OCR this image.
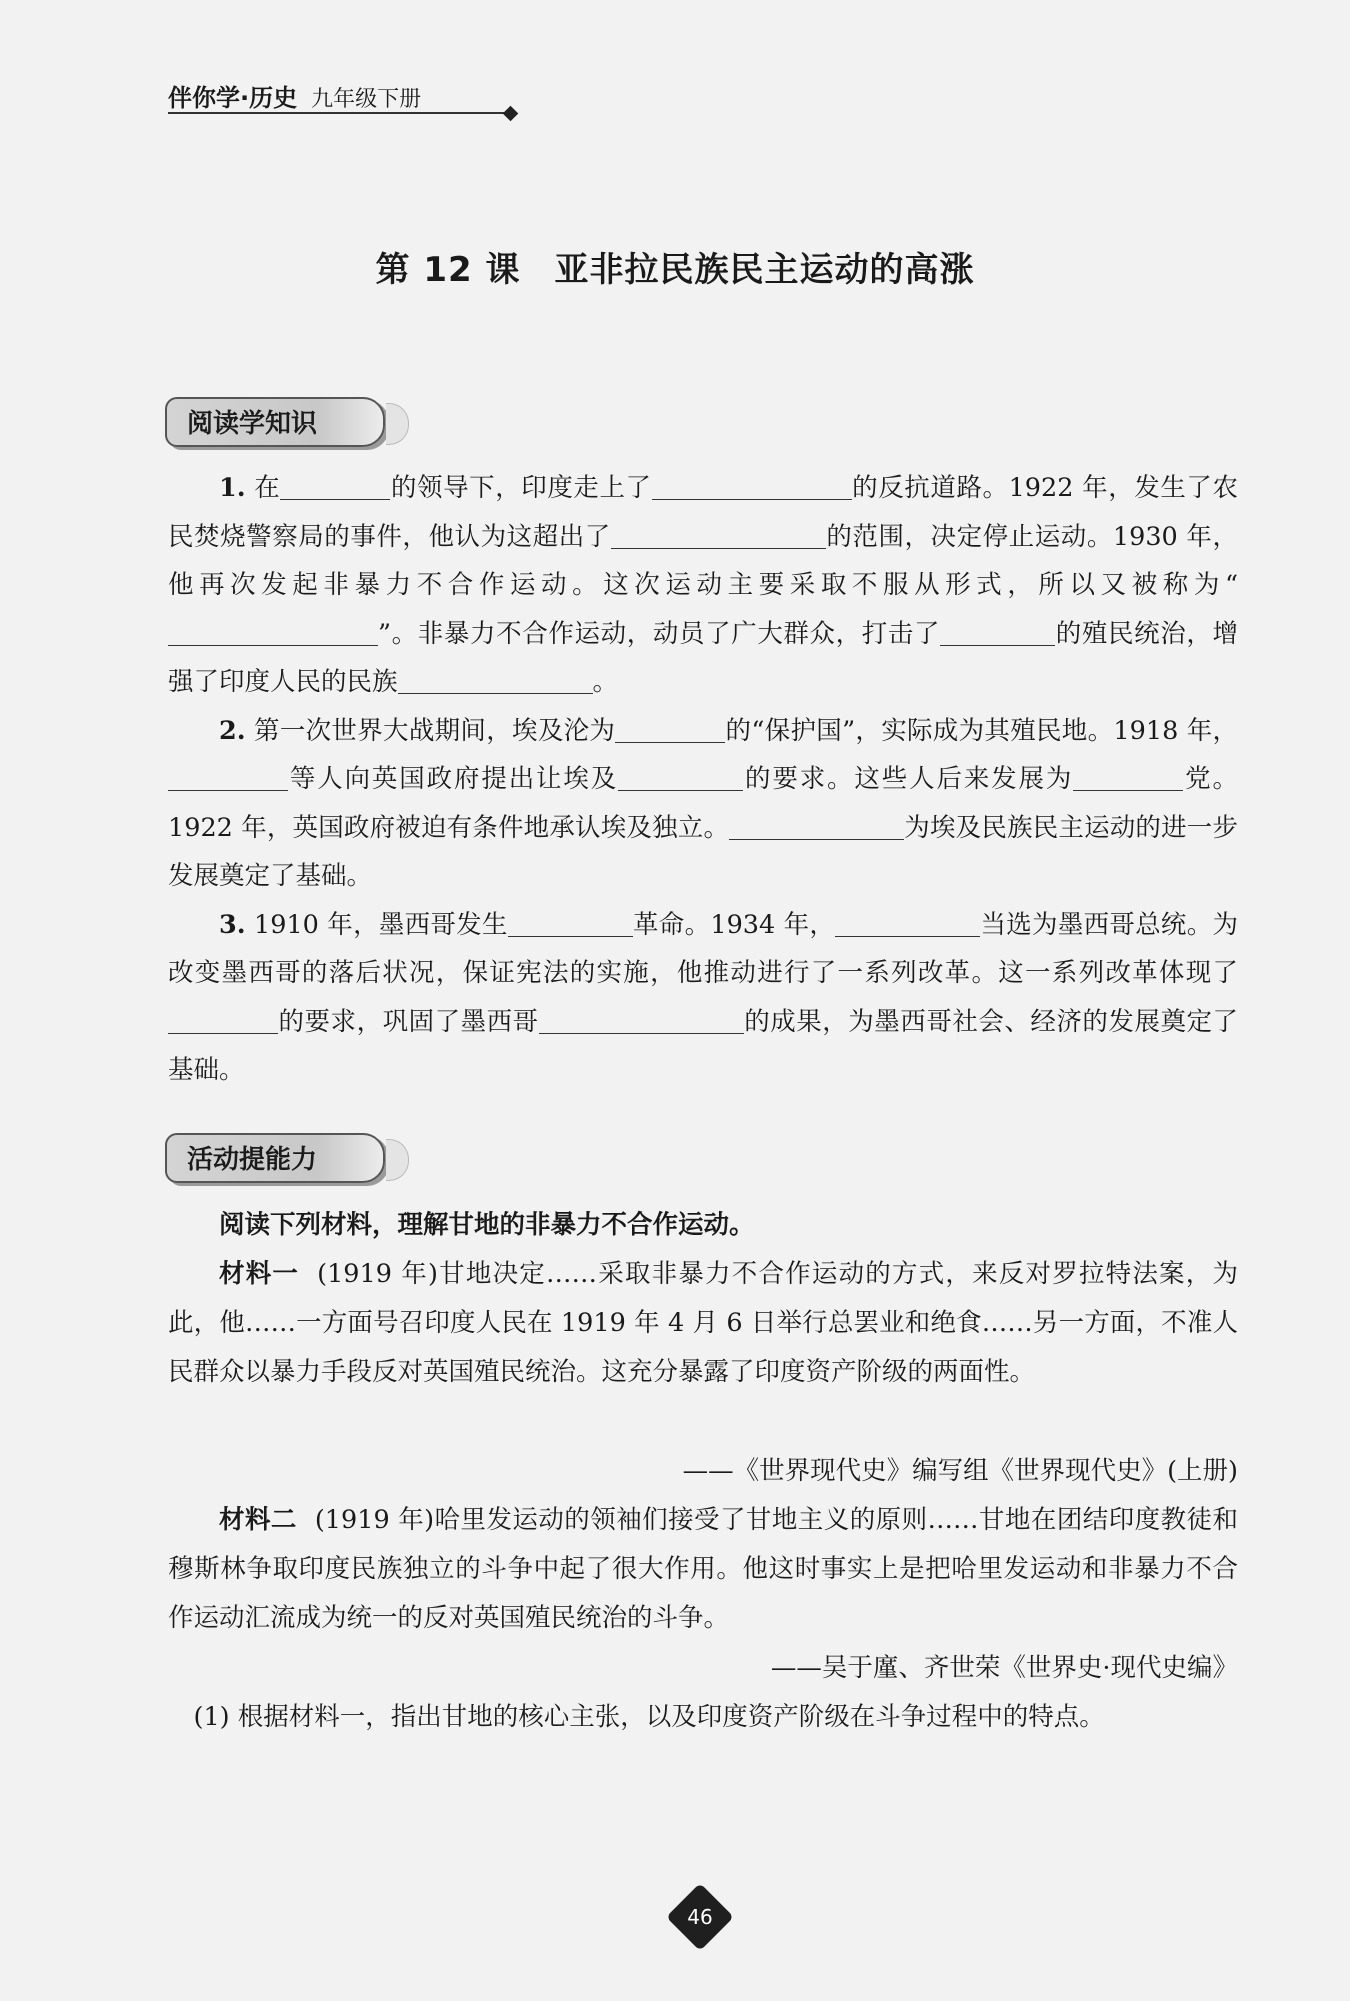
伴你学·历史 九年级下册
第 12 课 亚非拉民族民主运动的高涨
阅读学知识

1. 在	的领导下，印度走上了	的反抗道路。1922 年，发生了农民焚烧警察局的事件，他认为这超出了	的范围，决定停止运动。1930 年，他再次发起非暴力不合作运动。这次运动主要采取不服从形式，所以又被称为“”。非暴力不合作运动，动员了广大群众，打击了	的殖民统治，增强了印度人民的民族	。

2. 第一次世界大战期间，埃及沦为	的“保护国”，实际成为其殖民地。1918 年，等人向英国政府提出让埃及	的要求。这些人后来发展为	党。1922 年，英国政府被迫有条件地承认埃及独立。	为埃及民族民主运动的进一步发展奠定了基础。

3. 1910 年，墨西哥发生	革命。1934 年，	当选为墨西哥总统。为改变墨西哥的落后状况，保证宪法的实施，他推动进行了一系列改革。这一系列改革体现了的要求，巩固了墨西哥	的成果，为墨西哥社会、经济的发展奠定了基础。

活动提能力

阅读下列材料，理解甘地的非暴力不合作运动。

材料一 (1919 年)甘地决定……采取非暴力不合作运动的方式，来反对罗拉特法案，为此，他……一方面号召印度人民在 1919 年 4 月 6 日举行总罢业和绝食……另一方面，不准人民群众以暴力手段反对英国殖民统治。这充分暴露了印度资产阶级的两面性。

——《世界现代史》编写组《世界现代史》(上册)

材料二 (1919 年)哈里发运动的领袖们接受了甘地主义的原则……甘地在团结印度教徒和穆斯林争取印度民族独立的斗争中起了很大作用。他这时事实上是把哈里发运动和非暴力不合作运动汇流成为统一的反对英国殖民统治的斗争。

——吴于廑、齐世荣《世界史·现代史编》

(1) 根据材料一，指出甘地的核心主张，以及印度资产阶级在斗争过程中的特点。

46
